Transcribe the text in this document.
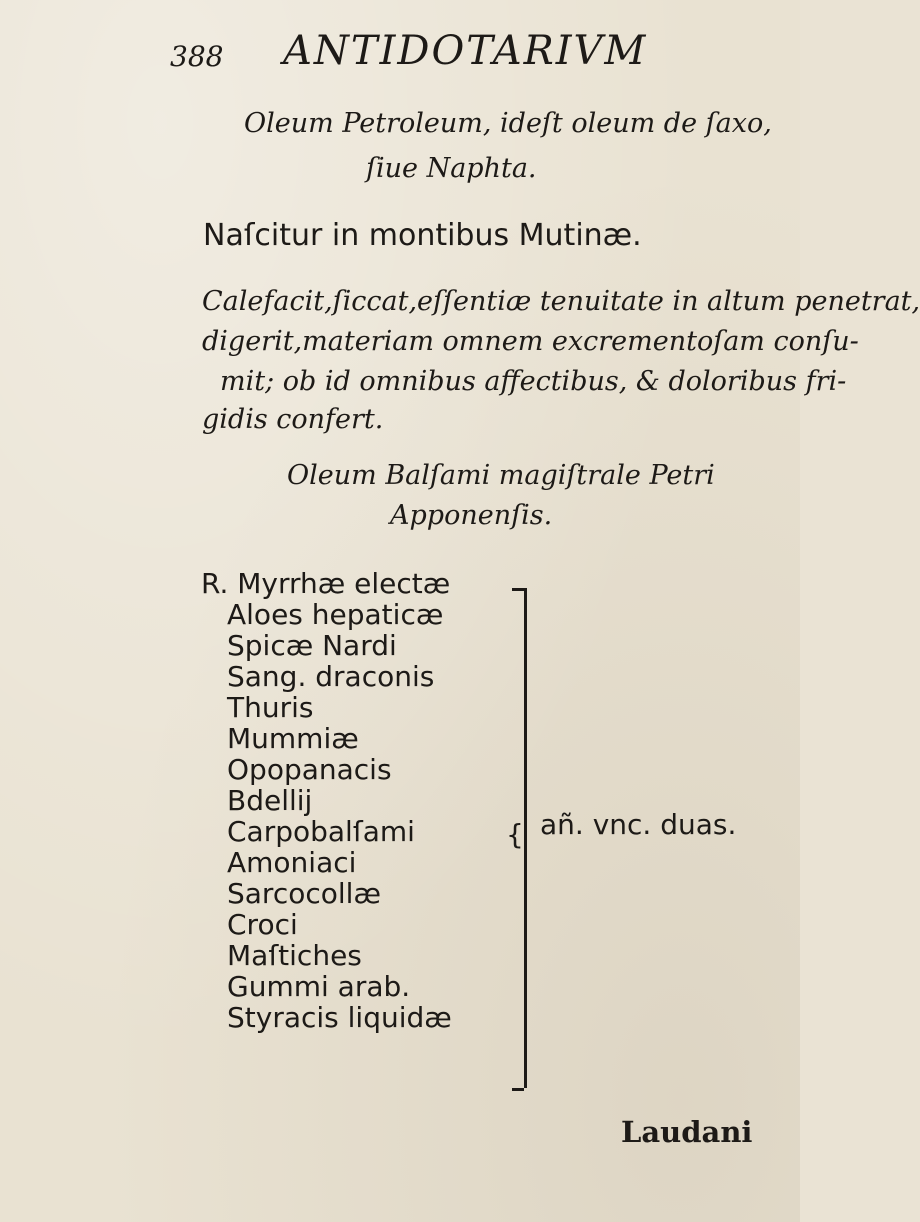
388 ANTIDOTARIVM
Oleum Petroleum, ideſt oleum de ſaxo,
ſiue Naphta.
Naſcitur in montibus Mutinæ.
Calefacit,ſiccat,eſſentiæ tenuitate in altum penetrat,
digerit,materiam omnem excrementoſam conſu-
mit; ob id omnibus affectibus, & doloribus fri-
gidis confert.
Oleum Balſami magiſtrale Petri
Apponenſis.
R. Myrrhæ electæ
Aloes hepaticæ
Spicæ Nardi
Sang. draconis
Thuris
Mummiæ
Opopanacis
Bdellij
Carpobalſami
Amoniaci
Sarcocollæ
Croci
Maſtiches
Gummi arab.
Styracis liquidæ
{ añ. vnc. duas.
Laudani
